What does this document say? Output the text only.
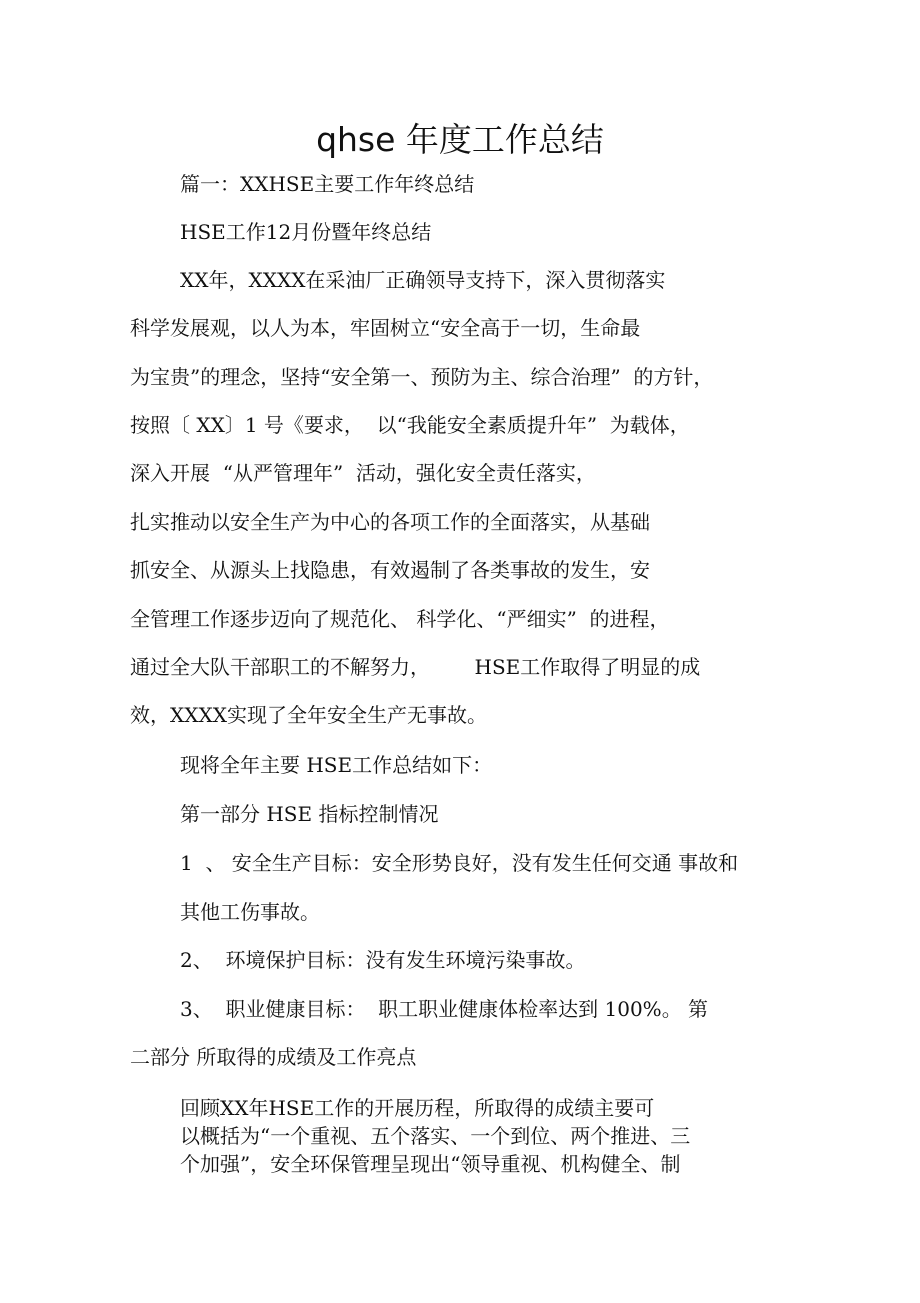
qhse 年度工作总结
篇一：XXHSE主要工作年终总结
HSE工作12月份暨年终总结
XX年，XXXX在采油厂正确领导支持下，深入贯彻落实
科学发展观，以人为本，牢固树立“安全高于一切，生命最
为宝贵”的理念，坚持“安全第一、预防为主、综合治理”  的方针，
按照〔 XX〕1 号《要求，  以“我能安全素质提升年”  为载体，
深入开展  “从严管理年”  活动，强化安全责任落实，
扎实推动以安全生产为中心的各项工作的全面落实，从基础
抓安全、从源头上找隐患，有效遏制了各类事故的发生，安
全管理工作逐步迈向了规范化、 科学化、“严细实”  的进程，
通过全大队干部职工的不解努力，       HSE工作取得了明显的成
效，XXXX实现了全年安全生产无事故。
现将全年主要 HSE工作总结如下：
第一部分 HSE 指标控制情况
1  、 安全生产目标：安全形势良好，没有发生任何交通 事故和
其他工伤事故。
2、  环境保护目标：没有发生环境污染事故。
3、  职业健康目标：  职工职业健康体检率达到 100%。 第
二部分 所取得的成绩及工作亮点
回顾XX年HSE工作的开展历程，所取得的成绩主要可
以概括为“一个重视、五个落实、一个到位、两个推进、三
个加强”，安全环保管理呈现出“领导重视、机构健全、制
